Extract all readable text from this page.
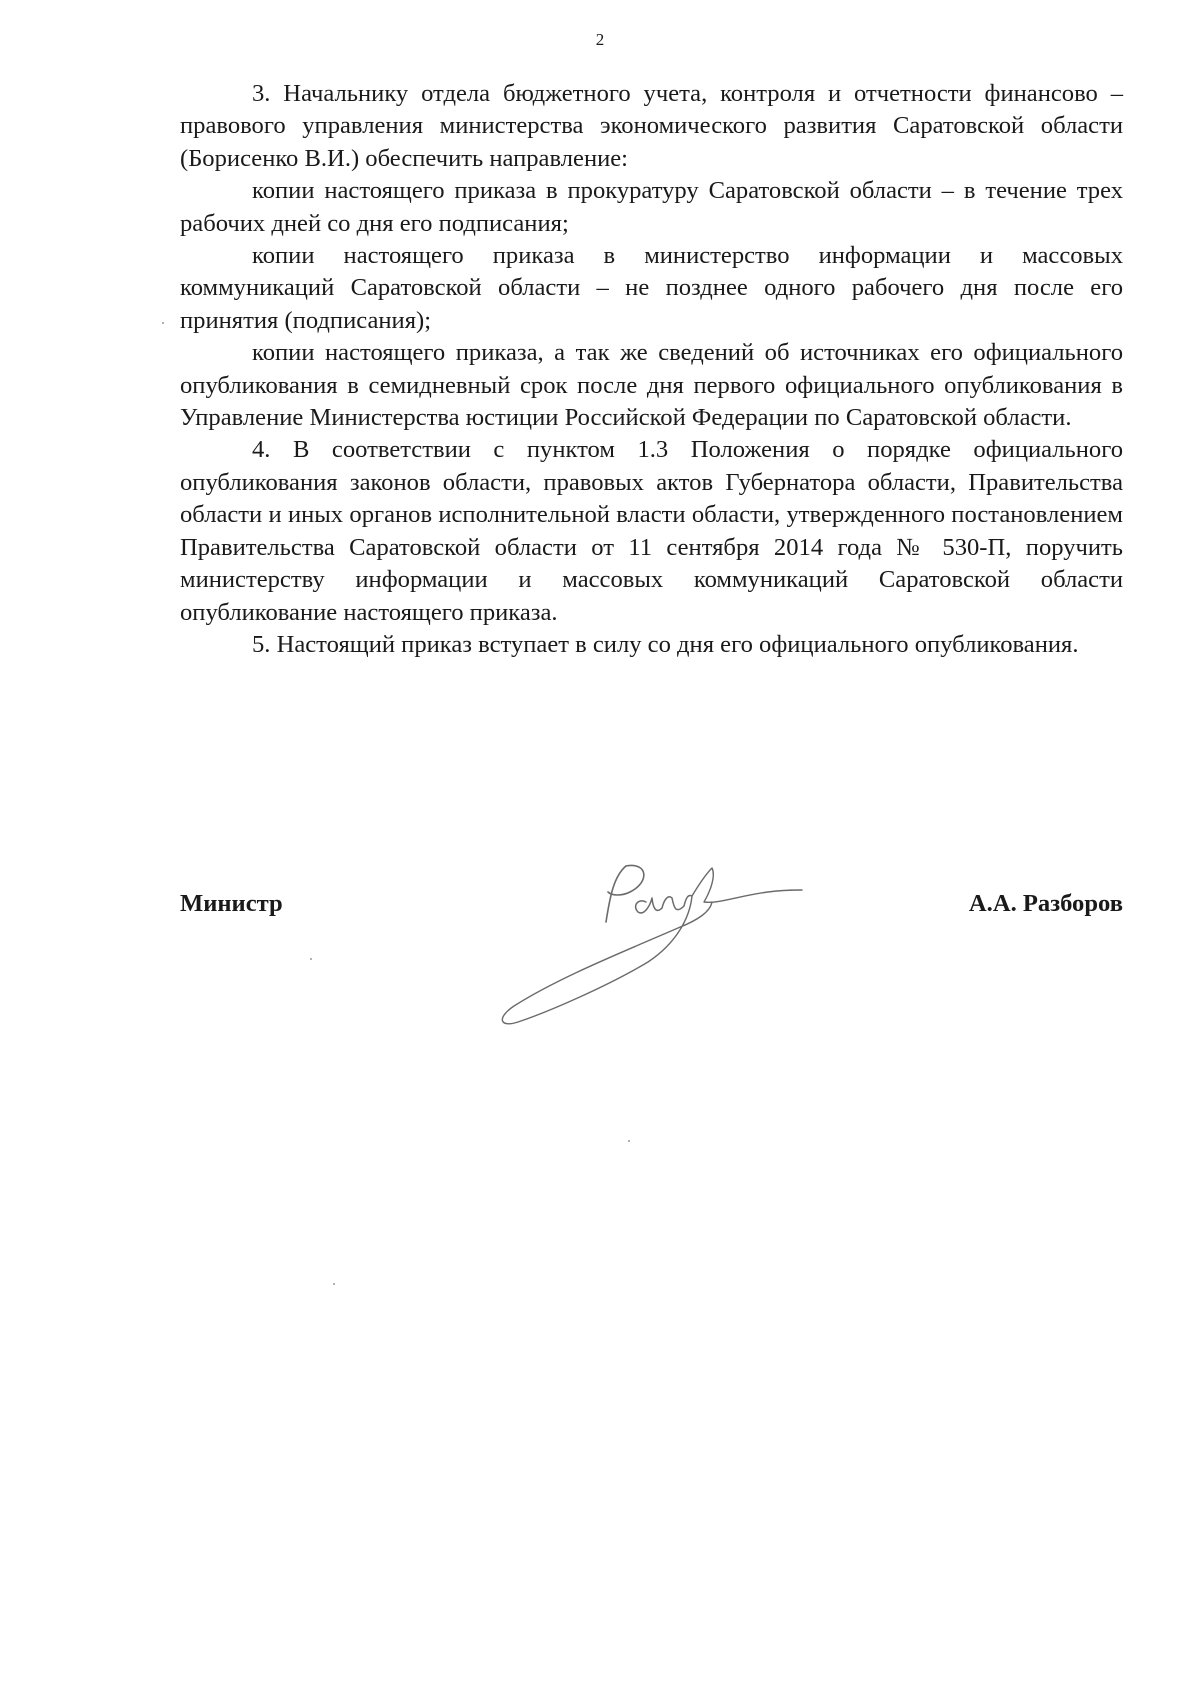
2

3. Начальнику отдела бюджетного учета, контроля и отчетности финансово – правового управления министерства экономического развития Саратовской области (Борисенко В.И.) обеспечить направление:

копии настоящего приказа в прокуратуру Саратовской области – в течение трех рабочих дней со дня его подписания;

копии настоящего приказа в министерство информации и массовых коммуникаций Саратовской области – не позднее одного рабочего дня после его принятия (подписания);

копии настоящего приказа, а так же сведений об источниках его официального опубликования в семидневный срок после дня первого официального опубликования в Управление Министерства юстиции Российской Федерации по Саратовской области.

4. В соответствии с пунктом 1.3 Положения о порядке официального опубликования законов области, правовых актов Губернатора области, Правительства области и иных органов исполнительной власти области, утвержденного постановлением Правительства Саратовской области от 11 сентября 2014 года № 530-П, поручить министерству информации и массовых коммуникаций Саратовской области опубликование настоящего приказа.

5. Настоящий приказ вступает в силу со дня его официального опубликования.

Министр	А.А. Разборов
